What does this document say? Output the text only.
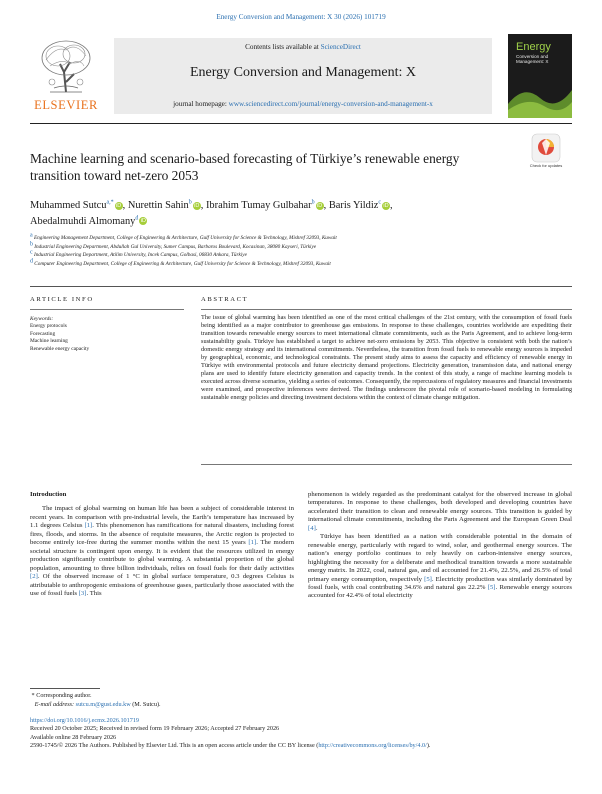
Energy Conversion and Management: X 30 (2026) 101719
ELSEVIER
Contents lists available at ScienceDirect
Energy Conversion and Management: X
journal homepage: www.sciencedirect.com/journal/energy-conversion-and-management-x
Energy
Conversion and Management: X
Machine learning and scenario-based forecasting of Türkiye’s renewable energy transition toward net-zero 2053
Check for updates
Muhammed Sutcu$^{a,*}$iD, Nurettin Sahin$^b$iD, Ibrahim Tumay Gulbahar$^b$iD, Baris Yildiz$^c$iD,
Abedalmuhdi Almomany$^d$iD
a Engineering Management Department, College of Engineering & Architecture, Gulf University for Science & Technology, Mishref 32093, Kuwait
b Industrial Engineering Department, Abdullah Gul University, Sumer Campus, Barbaros Boulevard, Kocasinan, 38080 Kayseri, Türkiye
c Industrial Engineering Department, Atilim University, Incek Campus, Golbasi, 06830 Ankara, Türkiye
d Computer Engineering Department, College of Engineering & Architecture, Gulf University for Science & Technology, Mishref 32093, Kuwait
ARTICLE INFO	ABSTRACT
Keywords:
Energy protocols
Forecasting
Machine learning
Renewable energy capacity
The issue of global warming has been identified as one of the most critical challenges of the 21st century, with the consumption of fossil fuels being identified as a major contributor to greenhouse gas emissions. In response to these challenges, countries worldwide are expediting their transition towards renewable energy sources to meet international climate commitments, such as the Paris Agreement, and to achieve long-term sustainability goals. Türkiye has established a target to achieve net-zero emissions by 2053. This objective is consistent with both the nation’s domestic energy strategy and its international commitments. Nevertheless, the transition from fossil fuels to renewable energy sources is impeded by geographical, economic, and technological constraints. The present study aims to assess the capacity and efficiency of renewable energy in Türkiye with environmental protocols and future electricity demand projections. Electricity generation, transmission data, and national energy plans are used to identify future electricity generation and capacity trends. In the context of this study, a range of machine learning models is executed across diverse scenarios, yielding a series of outcomes. Consequently, the repercussions of regulatory measures and financial investments were examined, and prospective inferences were derived. The findings underscore the pivotal role of scenario-based modeling in formulating sustainable energy policies and directing investment decisions within the context of climate change mitigation.
Introduction

The impact of global warming on human life has been a subject of considerable interest in recent years. In comparison with pre-industrial levels, the Earth’s temperature has increased by 1.1 degrees Celsius [1]. This phenomenon has ramifications for natural disasters, including forest fires, floods, and storms. In the absence of requisite measures, the Arctic region is projected to become entirely ice-free during the summer months within the next 15 years [1]. The modern societal structure is contingent upon energy. It is evident that the resources utilized in energy production significantly contribute to global warming. A substantial proportion of the global population, amounting to three billion individuals, relies on fossil fuels for their daily activities [2]. Of the observed increase of 1 °C in global surface temperature, 0.3 degrees Celsius is attributable to anthropogenic emissions of greenhouse gases, particularly those associated with the use of fossil fuels [3]. This

phenomenon is widely regarded as the predominant catalyst for the observed increase in global temperatures. In response to these challenges, both developed and developing countries have accelerated their transition to clean and renewable energy sources. This transition is guided by international climate commitments, including the Paris Agreement and the European Green Deal [4].

Türkiye has been identified as a nation with considerable potential in the domain of renewable energy, particularly with regard to wind, solar, and geothermal energy sources. The nation’s energy portfolio continues to rely heavily on carbon-intensive energy sources, highlighting the necessity for a deliberate and methodical transition towards a more sustainable energy matrix. In 2022, coal, natural gas, and oil accounted for 21.4%, 22.5%, and 26.5% of total primary energy consumption, respectively [5]. Electricity production was similarly dominated by fossil fuels, with coal contributing 34.6% and natural gas 22.2% [5]. Renewable energy sources accounted for 42.4% of total electricity

* Corresponding author.
E-mail address: sutcu.m@gust.edu.kw (M. Sutcu).
https://doi.org/10.1016/j.ecmx.2026.101719
Received 20 October 2025; Received in revised form 19 February 2026; Accepted 27 February 2026
Available online 28 February 2026
2590-1745/© 2026 The Authors. Published by Elsevier Ltd. This is an open access article under the CC BY license (http://creativecommons.org/licenses/by/4.0/).
